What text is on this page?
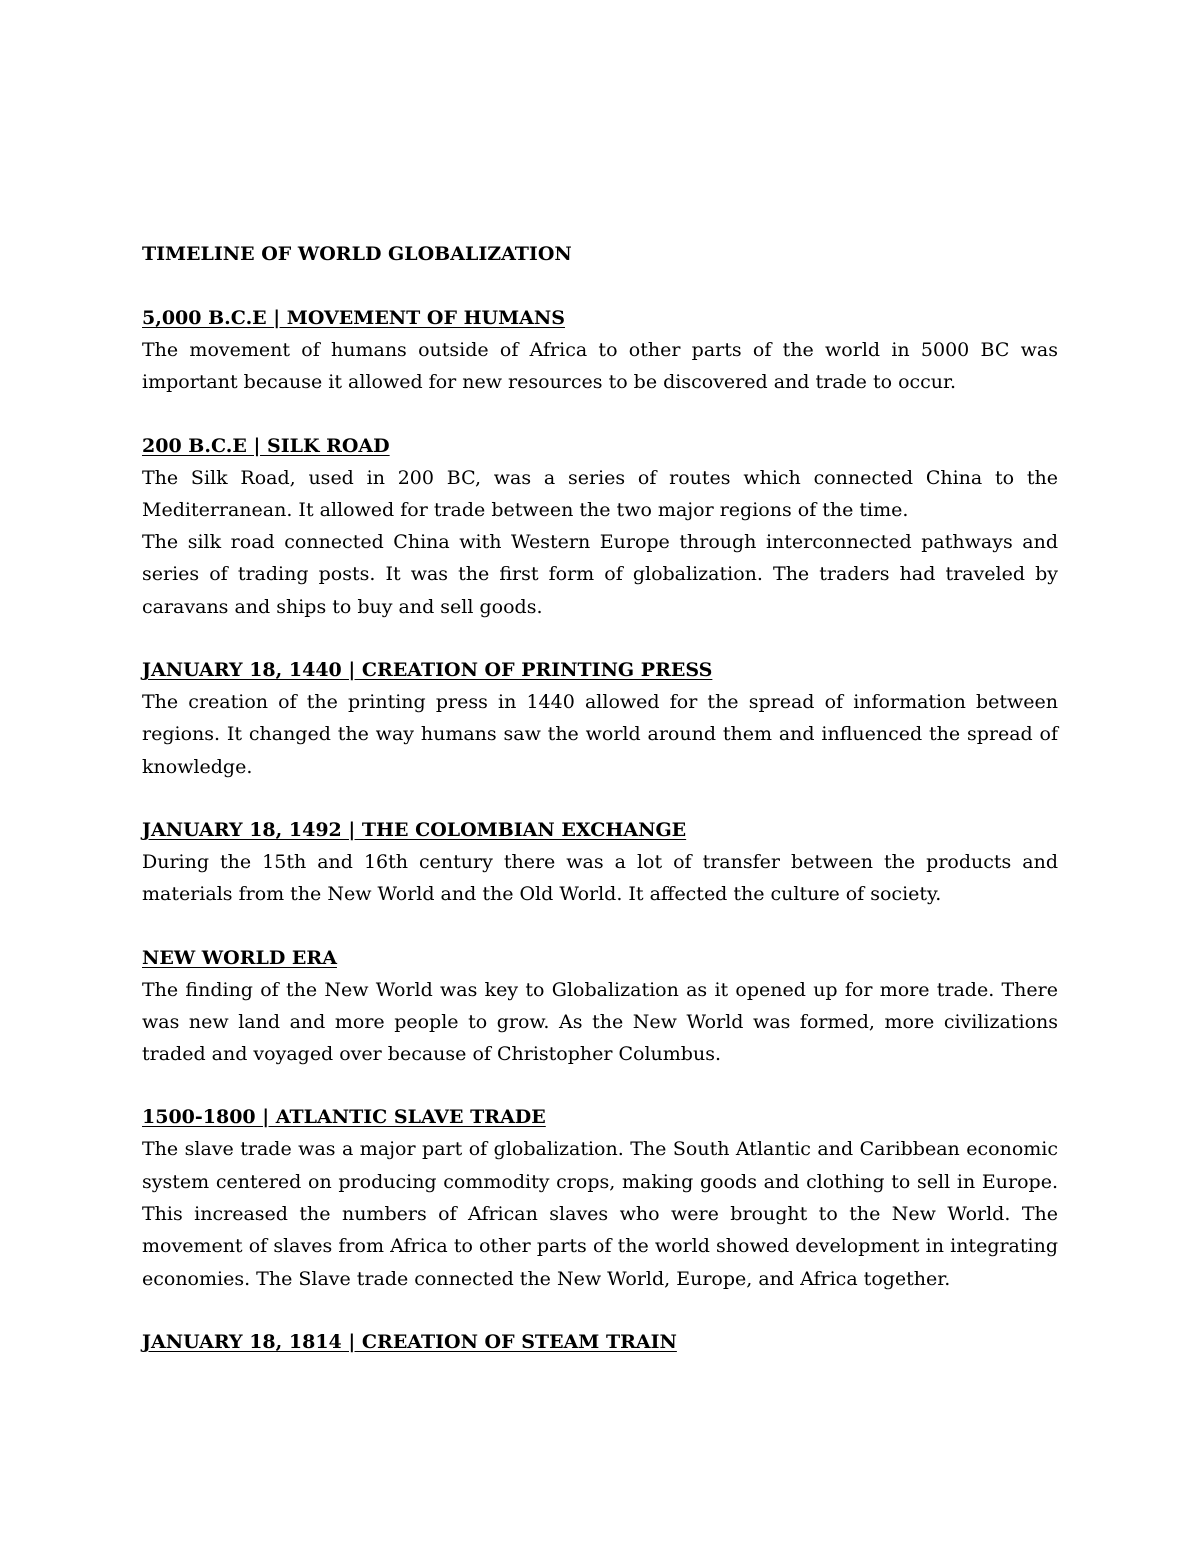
TIMELINE OF WORLD GLOBALIZATION
5,000 B.C.E | MOVEMENT OF HUMANS

The movement of humans outside of Africa to other parts of the world in 5000 BC was important because it allowed for new resources to be discovered and trade to occur.

200 B.C.E | SILK ROAD

The Silk Road, used in 200 BC, was a series of routes which connected China to the Mediterranean. It allowed for trade between the two major regions of the time.

The silk road connected China with Western Europe through interconnected pathways and series of trading posts. It was the first form of globalization. The traders had traveled by caravans and ships to buy and sell goods.

JANUARY 18, 1440 | CREATION OF PRINTING PRESS

The creation of the printing press in 1440 allowed for the spread of information between regions. It changed the way humans saw the world around them and influenced the spread of knowledge.

JANUARY 18, 1492 | THE COLOMBIAN EXCHANGE

During the 15th and 16th century there was a lot of transfer between the products and materials from the New World and the Old World. It affected the culture of society.

NEW WORLD ERA

The finding of the New World was key to Globalization as it opened up for more trade. There was new land and more people to grow. As the New World was formed, more civilizations traded and voyaged over because of Christopher Columbus.

1500-1800 | ATLANTIC SLAVE TRADE

The slave trade was a major part of globalization. The South Atlantic and Caribbean economic system centered on producing commodity crops, making goods and clothing to sell in Europe. This increased the numbers of African slaves who were brought to the New World. The movement of slaves from Africa to other parts of the world showed development in integrating economies. The Slave trade connected the New World, Europe, and Africa together.

JANUARY 18, 1814 | CREATION OF STEAM TRAIN
